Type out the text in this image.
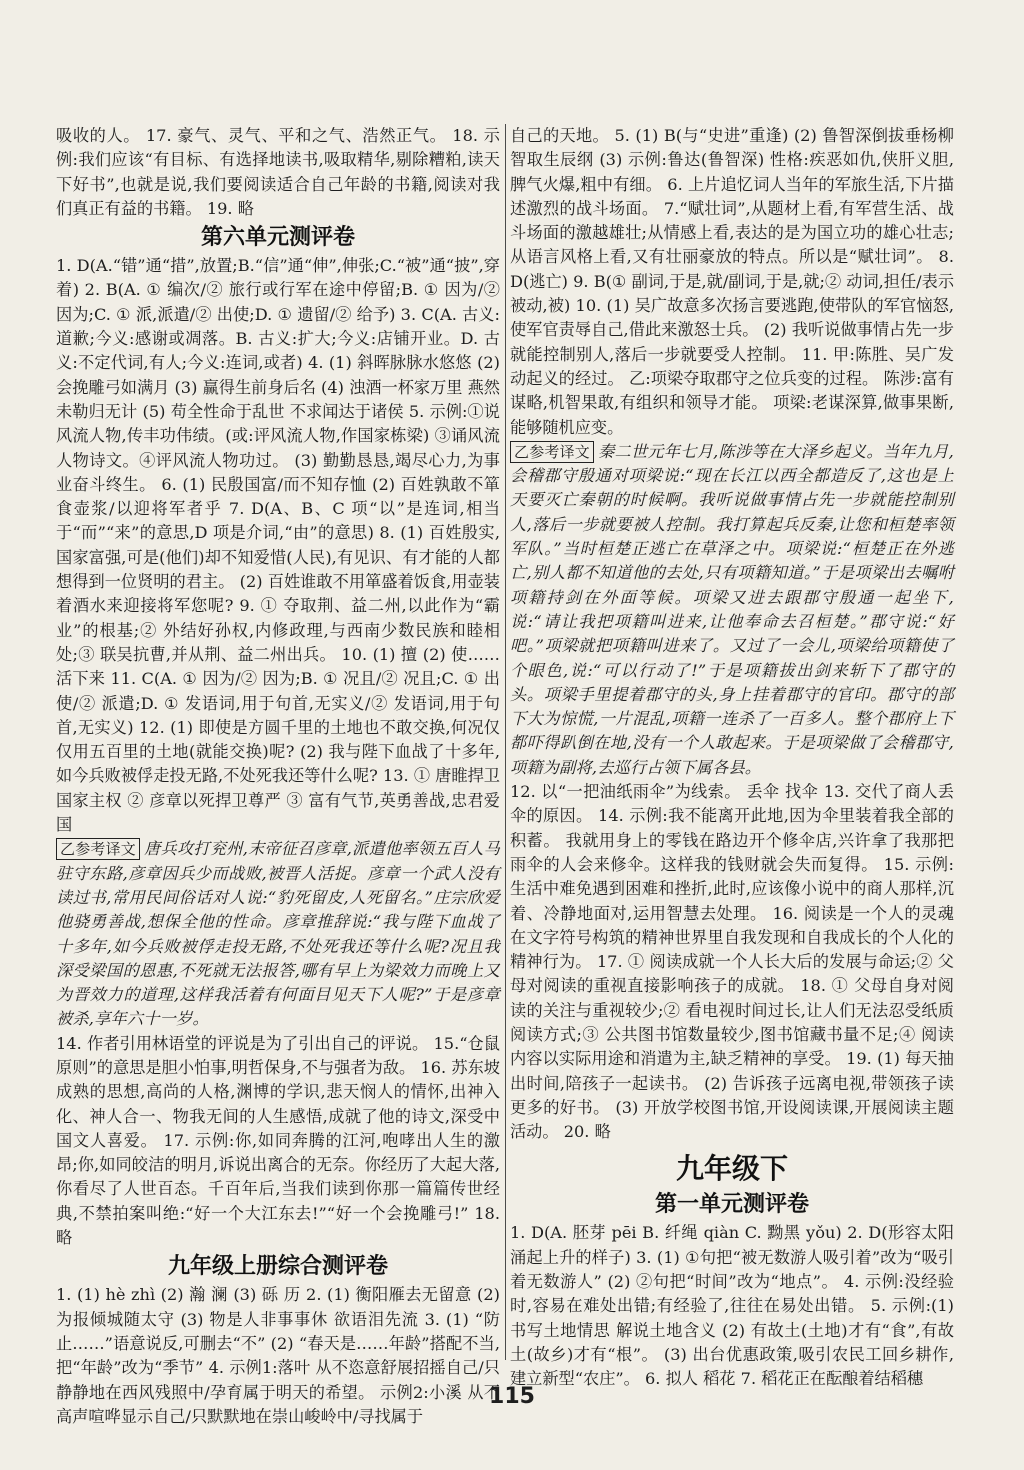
吸收的人。 17. 豪气、灵气、平和之气、浩然正气。 18. 示例:我们应该“有目标、有选择地读书,吸取精华,剔除糟粕,读天下好书”,也就是说,我们要阅读适合自己年龄的书籍,阅读对我们真正有益的书籍。 19. 略

第六单元测评卷

1. D(A.“错”通“措”,放置;B.“信”通“伸”,伸张;C.“被”通“披”,穿着) 2. B(A. ① 编次/② 旅行或行军在途中停留;B. ① 因为/② 因为;C. ① 派,派遣/② 出使;D. ① 遗留/② 给予) 3. C(A. 古义:道歉;今义:感谢或凋落。B. 古义:扩大;今义:店铺开业。D. 古义:不定代词,有人;今义:连词,或者) 4. (1) 斜晖脉脉水悠悠 (2) 会挽雕弓如满月 (3) 赢得生前身后名 (4) 浊酒一杯家万里 燕然未勒归无计 (5) 苟全性命于乱世 不求闻达于诸侯 5. 示例:①说风流人物,传丰功伟绩。(或:评风流人物,作国家栋梁) ③诵风流人物诗文。④评风流人物功过。 (3) 勤勤恳恳,竭尽心力,为事业奋斗终生。 6. (1) 民殷国富/而不知存恤 (2) 百姓孰敢不箪食壶浆/以迎将军者乎 7. D(A、B、C 项“以”是连词,相当于“而”“来”的意思,D 项是介词,“由”的意思) 8. (1) 百姓殷实,国家富强,可是(他们)却不知爱惜(人民),有见识、有才能的人都想得到一位贤明的君主。 (2) 百姓谁敢不用箪盛着饭食,用壶装着酒水来迎接将军您呢? 9. ① 夺取荆、益二州,以此作为“霸业”的根基;② 外结好孙权,内修政理,与西南少数民族和睦相处;③ 联吴抗曹,并从荆、益二州出兵。 10. (1) 擅 (2) 使……活下来 11. C(A. ① 因为/② 因为;B. ① 况且/② 况且;C. ① 出使/② 派遣;D. ① 发语词,用于句首,无实义/② 发语词,用于句首,无实义) 12. (1) 即使是方圆千里的土地也不敢交换,何况仅仅用五百里的土地(就能交换)呢? (2) 我与陛下血战了十多年,如今兵败被俘走投无路,不处死我还等什么呢? 13. ① 唐睢捍卫国家主权 ② 彦章以死捍卫尊严 ③ 富有气节,英勇善战,忠君爱国

乙参考译文 唐兵攻打兖州,末帝征召彦章,派遣他率领五百人马驻守东路,彦章因兵少而战败,被晋人活捉。彦章一个武人没有读过书,常用民间俗话对人说:“豹死留皮,人死留名。”庄宗欣爱他骁勇善战,想保全他的性命。彦章推辞说:“我与陛下血战了十多年,如今兵败被俘走投无路,不处死我还等什么呢?况且我深受梁国的恩惠,不死就无法报答,哪有早上为梁效力而晚上又为晋效力的道理,这样我活着有何面目见天下人呢?”于是彦章被杀,享年六十一岁。

14. 作者引用林语堂的评说是为了引出自己的评说。 15.“仓鼠原则”的意思是胆小怕事,明哲保身,不与强者为敌。 16. 苏东坡成熟的思想,高尚的人格,渊博的学识,悲天悯人的情怀,出神入化、神人合一、物我无间的人生感悟,成就了他的诗文,深受中国文人喜爱。 17. 示例:你,如同奔腾的江河,咆哮出人生的激昂;你,如同皎洁的明月,诉说出离合的无奈。你经历了大起大落,你看尽了人世百态。千百年后,当我们读到你那一篇篇传世经典,不禁拍案叫绝:“好一个大江东去!”“好一个会挽雕弓!” 18. 略

九年级上册综合测评卷

1. (1) hè zhì (2) 瀚 澜 (3) 砾 历 2. (1) 衡阳雁去无留意 (2) 为报倾城随太守 (3) 物是人非事事休 欲语泪先流 3. (1) “防止……”语意说反,可删去“不” (2) “春天是……年龄”搭配不当,把“年龄”改为“季节” 4. 示例1:落叶 从不恣意舒展招摇自己/只静静地在西风残照中/孕育属于明天的希望。 示例2:小溪 从不高声喧哗显示自己/只默默地在崇山峻岭中/寻找属于

自己的天地。 5. (1) B(与“史进”重逢) (2) 鲁智深倒拔垂杨柳 智取生辰纲 (3) 示例:鲁达(鲁智深) 性格:疾恶如仇,侠肝义胆,脾气火爆,粗中有细。 6. 上片追忆词人当年的军旅生活,下片描述激烈的战斗场面。 7.“赋壮词”,从题材上看,有军营生活、战斗场面的激越雄壮;从情感上看,表达的是为国立功的雄心壮志;从语言风格上看,又有壮丽豪放的特点。所以是“赋壮词”。 8. D(逃亡) 9. B(① 副词,于是,就/副词,于是,就;② 动词,担任/表示被动,被) 10. (1) 吴广故意多次扬言要逃跑,使带队的军官恼怒,使军官责辱自己,借此来激怒士兵。 (2) 我听说做事情占先一步就能控制别人,落后一步就要受人控制。 11. 甲:陈胜、吴广发动起义的经过。 乙:项梁夺取郡守之位兵变的过程。 陈涉:富有谋略,机智果敢,有组织和领导才能。 项梁:老谋深算,做事果断,能够随机应变。

乙参考译文 秦二世元年七月,陈涉等在大泽乡起义。当年九月,会稽郡守殷通对项梁说:“现在长江以西全都造反了,这也是上天要灭亡秦朝的时候啊。我听说做事情占先一步就能控制别人,落后一步就要被人控制。我打算起兵反秦,让您和桓楚率领军队。”当时桓楚正逃亡在草泽之中。项梁说:“桓楚正在外逃亡,别人都不知道他的去处,只有项籍知道。”于是项梁出去嘱咐项籍持剑在外面等候。项梁又进去跟郡守殷通一起坐下,说:“请让我把项籍叫进来,让他奉命去召桓楚。”郡守说:“好吧。”项梁就把项籍叫进来了。又过了一会儿,项梁给项籍使了个眼色,说:“可以行动了!”于是项籍拔出剑来斩下了郡守的头。项梁手里提着郡守的头,身上挂着郡守的官印。郡守的部下大为惊慌,一片混乱,项籍一连杀了一百多人。整个郡府上下都吓得趴倒在地,没有一个人敢起来。于是项梁做了会稽郡守,项籍为副将,去巡行占领下属各县。

12. 以“一把油纸雨伞”为线索。 丢伞 找伞 13. 交代了商人丢伞的原因。 14. 示例:我不能离开此地,因为伞里装着我全部的积蓄。 我就用身上的零钱在路边开个修伞店,兴许拿了我那把雨伞的人会来修伞。这样我的钱财就会失而复得。 15. 示例:生活中难免遇到困难和挫折,此时,应该像小说中的商人那样,沉着、冷静地面对,运用智慧去处理。 16. 阅读是一个人的灵魂在文字符号构筑的精神世界里自我发现和自我成长的个人化的精神行为。 17. ① 阅读成就一个人长大后的发展与命运;② 父母对阅读的重视直接影响孩子的成就。 18. ① 父母自身对阅读的关注与重视较少;② 看电视时间过长,让人们无法忍受纸质阅读方式;③ 公共图书馆数量较少,图书馆藏书量不足;④ 阅读内容以实际用途和消遣为主,缺乏精神的享受。 19. (1) 每天抽出时间,陪孩子一起读书。 (2) 告诉孩子远离电视,带领孩子读更多的好书。 (3) 开放学校图书馆,开设阅读课,开展阅读主题活动。 20. 略

九年级下
第一单元测评卷

1. D(A. 胚芽 pēi B. 纤绳 qiàn C. 黝黑 yǒu) 2. D(形容太阳涌起上升的样子) 3. (1) ①句把“被无数游人吸引着”改为“吸引着无数游人” (2) ②句把“时间”改为“地点”。 4. 示例:没经验时,容易在难处出错;有经验了,往往在易处出错。 5. 示例:(1) 书写土地情思 解说土地含义 (2) 有故土(土地)才有“食”,有故土(故乡)才有“根”。 (3) 出台优惠政策,吸引农民工回乡耕作,建立新型“农庄”。 6. 拟人 稻花 7. 稻花正在酝酿着结稻穗

115
